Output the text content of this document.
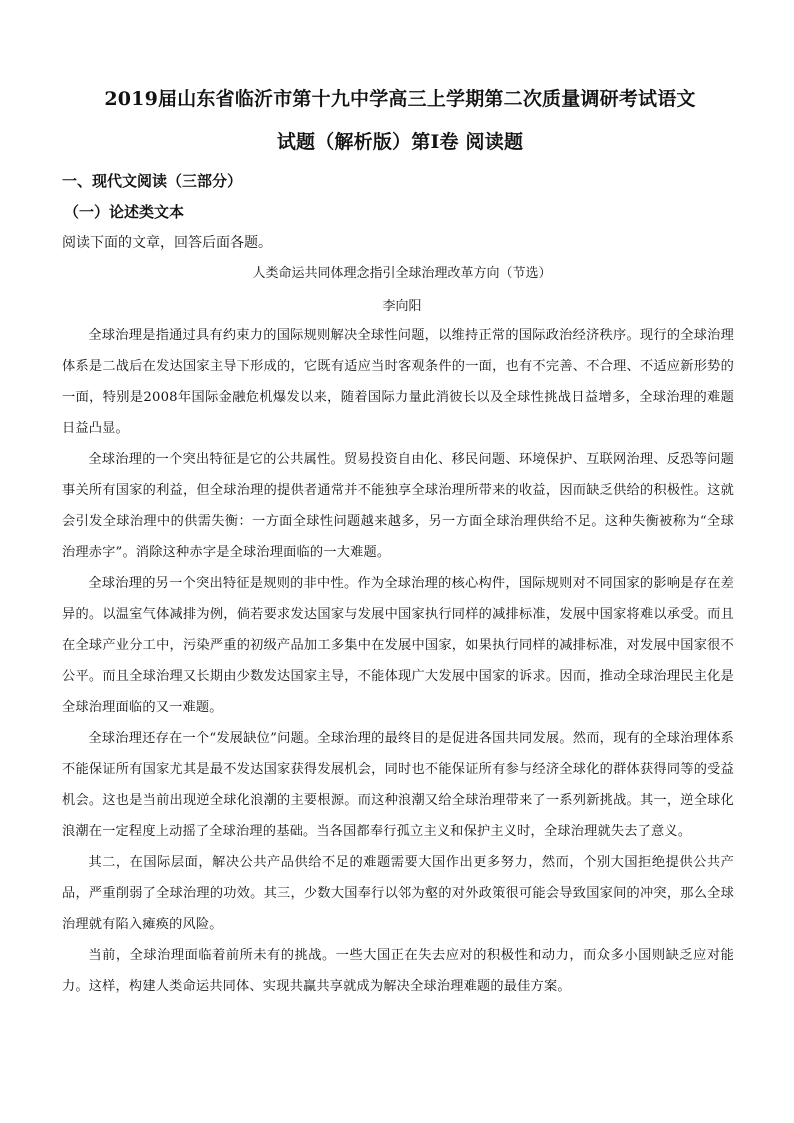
2019届山东省临沂市第十九中学高三上学期第二次质量调研考试语文
试题（解析版）第Ⅰ卷 阅读题
一、现代文阅读（三部分）
（一）论述类文本
阅读下面的文章，回答后面各题。
人类命运共同体理念指引全球治理改革方向（节选）
李向阳

全球治理是指通过具有约束力的国际规则解决全球性问题，以维持正常的国际政治经济秩序。现行的全球治理体系是二战后在发达国家主导下形成的，它既有适应当时客观条件的一面，也有不完善、不合理、不适应新形势的一面，特别是2008年国际金融危机爆发以来，随着国际力量此消彼长以及全球性挑战日益增多，全球治理的难题日益凸显。

全球治理的一个突出特征是它的公共属性。贸易投资自由化、移民问题、环境保护、互联网治理、反恐等问题事关所有国家的利益，但全球治理的提供者通常并不能独享全球治理所带来的收益，因而缺乏供给的积极性。这就会引发全球治理中的供需失衡：一方面全球性问题越来越多，另一方面全球治理供给不足。这种失衡被称为“全球治理赤字”。消除这种赤字是全球治理面临的一大难题。

全球治理的另一个突出特征是规则的非中性。作为全球治理的核心构件，国际规则对不同国家的影响是存在差异的。以温室气体减排为例，倘若要求发达国家与发展中国家执行同样的减排标准，发展中国家将难以承受。而且在全球产业分工中，污染严重的初级产品加工多集中在发展中国家，如果执行同样的减排标准，对发展中国家很不公平。而且全球治理又长期由少数发达国家主导，不能体现广大发展中国家的诉求。因而，推动全球治理民主化是全球治理面临的又一难题。

全球治理还存在一个“发展缺位”问题。全球治理的最终目的是促进各国共同发展。然而，现有的全球治理体系不能保证所有国家尤其是最不发达国家获得发展机会，同时也不能保证所有参与经济全球化的群体获得同等的受益机会。这也是当前出现逆全球化浪潮的主要根源。而这种浪潮又给全球治理带来了一系列新挑战。其一，逆全球化浪潮在一定程度上动摇了全球治理的基础。当各国都奉行孤立主义和保护主义时，全球治理就失去了意义。

其二，在国际层面，解决公共产品供给不足的难题需要大国作出更多努力，然而，个别大国拒绝提供公共产品，严重削弱了全球治理的功效。其三，少数大国奉行以邻为壑的对外政策很可能会导致国家间的冲突，那么全球治理就有陷入瘫痪的风险。

当前，全球治理面临着前所未有的挑战。一些大国正在失去应对的积极性和动力，而众多小国则缺乏应对能力。这样，构建人类命运共同体、实现共赢共享就成为解决全球治理难题的最佳方案。
